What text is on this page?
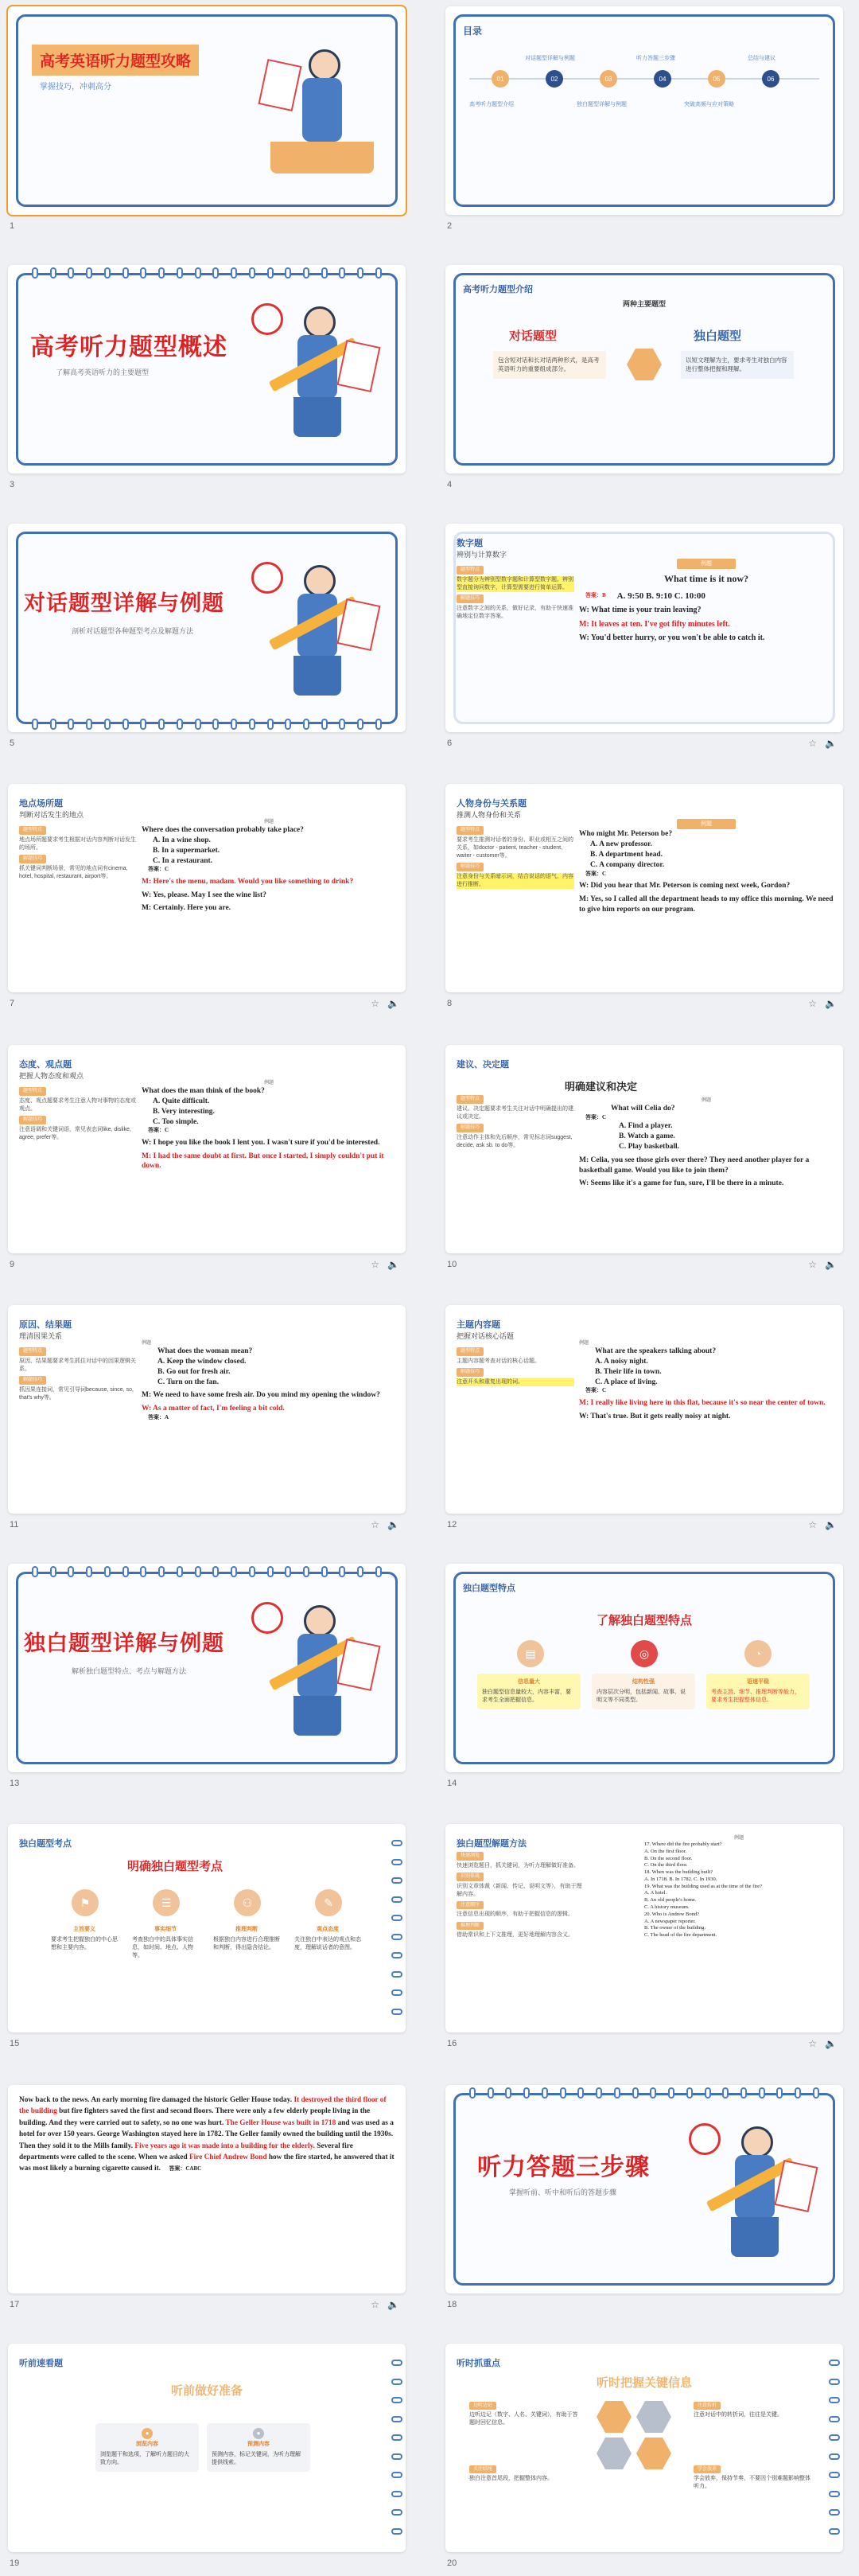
高考英语听力题型攻略
掌握技巧，冲刺高分
1
目录
01	02	03	04	05	06
高考听力题型介绍
对话题型详解与例题
独白题型详解与例题
听力答题三步骤
突破高频与应对策略
总结与建议
2
高考听力题型概述
了解高考英语听力的主要题型
3
高考听力题型介绍
两种主要题型
对话题型
包含短对话和长对话两种形式，是高考英语听力的重要组成部分。
独白题型
以短文理解为主，要求考生对独白内容进行整体把握和理解。
4
对话题型详解与例题
剖析对话题型各种题型考点及解题方法
5
数字题
辨别与计算数字
题型特点
数字题分为辨别型数字题和计算型数字题。辨别型直接询问数字，计算型需要进行简单运算。
解题技巧
注意数字之间的关系，做好记录，有助于快速准确地定位数字答案。
例题
What time is it now?
答案：B	A. 9:50 B. 9:10 C. 10:00
W: What time is your train leaving?
M: It leaves at ten. I've got fifty minutes left.
W: You'd better hurry, or you won't be able to catch it.
6	☆ 🔈
地点场所题
判断对话发生的地点
题型特点
地点场所题要求考生根据对话内容判断对话发生的场所。
解题技巧
抓关键词判断场景，常见的地点词有cinema, hotel, hospital, restaurant, airport等。
例题
Where does the conversation probably take place?
A. In a wine shop.
B. In a supermarket.
C. In a restaurant.
答案：C
M: Here's the menu, madam. Would you like something to drink?
W: Yes, please. May I see the wine list?
M: Certainly. Here you are.
7	☆ 🔈
人物身份与关系题
推测人物身份和关系
题型特点
要求考生推测对话者的身份、职业或相互之间的关系，如doctor - patient, teacher - student, waiter - customer等。
解题技巧
注意身份与关系暗示词，结合说话的语气、内容进行推断。
例题
Who might Mr. Peterson be?
A. A new professor.
B. A department head.
C. A company director.
答案：C
W: Did you hear that Mr. Peterson is coming next week, Gordon?
M: Yes, so I called all the department heads to my office this morning. We need to give him reports on our program.
8	☆ 🔈
态度、观点题
把握人物态度和观点
题型特点
态度、观点题要求考生注意人物对事物的态度或观点。
解题技巧
注意语调和关键词语，常见表态词like, dislike, agree, prefer等。
例题
What does the man think of the book?
A. Quite difficult.
B. Very interesting.
C. Too simple.
答案：C
W: I hope you like the book I lent you. I wasn't sure if you'd be interested.
M: I had the same doubt at first. But once I started, I simply couldn't put it down.
9	☆ 🔈
建议、决定题
明确建议和决定
题型特点
建议、决定题要求考生关注对话中明确提出的建议或决定。
解题技巧
注意动作主体和先后顺序，常见标志词suggest, decide, ask sb. to do等。
例题
What will Celia do?
答案：C
A. Find a player.
B. Watch a game.
C. Play basketball.
M: Celia, you see those girls over there? They need another player for a basketball game. Would you like to join them?
W: Seems like it's a game for fun, sure, I'll be there in a minute.
10	☆ 🔈
原因、结果题
理清因果关系
题型特点
原因、结果题要求考生抓住对话中的因果逻辑关系。
解题技巧
抓因果连接词，常见引导词because, since, so, that's why等。
例题
What does the woman mean?
A. Keep the window closed.
B. Go out for fresh air.
C. Turn on the fan.
M: We need to have some fresh air. Do you mind my opening the window?
W: As a matter of fact, I'm feeling a bit cold.
答案：A
11	☆ 🔈
主题内容题
把握对话核心话题
题型特点
主题内容题考查对话的核心话题。
解题技巧
注意开头和重复出现的词。
例题
What are the speakers talking about?
A. A noisy night.
B. Their life in town.
C. A place of living.
答案：C
M: I really like living here in this flat, because it's so near the center of town.
W: That's true. But it gets really noisy at night.
12	☆ 🔈
独白题型详解与例题
解析独白题型特点、考点与解题方法
13
独白题型特点
了解独白题型特点
▤	◎	◔
信息量大
独白题型信息量较大，内容丰富，要求考生全面把握信息。
结构性强
内容层次分明，包括新闻、故事、说明文等不同类型。
语速平稳
考查主旨、细节、推理判断等能力，要求考生把握整体信息。
14
独白题型考点
明确独白题型考点
⚑	☰	⚇	✎
主旨要义
要求考生把握独白的中心思想和主要内容。
事实细节
考查独白中的具体事实信息，如时间、地点、人物等。
推理判断
根据独白内容进行合理推断和判断，得出隐含结论。
观点态度
关注独白中表达的观点和态度，理解说话者的意图。
15
独白题型解题方法
快速浏览
快速浏览题目，抓关键词，为听力理解做好准备。
识别体裁
识别文章体裁（新闻、传记、说明文等），有助于理解内容。
注意顺序
注意信息出现的顺序，有助于把握信息的逻辑。
推理判断
借助常识和上下文推理，更好地理解内容含义。
例题
17. Where did the fire probably start?
A. On the first floor.
B. On the second floor.
C. On the third floor.
18. When was the building built?
A. In 1718. B. In 1782. C. In 1930.
19. What was the building used as at the time of the fire?
A. A hotel.
B. An old people's home.
C. A history museum.
20. Who is Andrew Bond?
A. A newspaper reporter.
B. The owner of the building.
C. The head of the fire department.
16	☆ 🔈
Now back to the news. An early morning fire damaged the historic Geller House today. It destroyed the third floor of the building but fire fighters saved the first and second floors. There were only a few elderly people living in the building. And they were carried out to safety, so no one was hurt. The Geller House was built in 1718 and was used as a hotel for over 150 years. George Washington stayed here in 1782. The Geller family owned the building until the 1930s. Then they sold it to the Mills family. Five years ago it was made into a building for the elderly. Several fire departments were called to the scene. When we asked Fire Chief Andrew Bond how the fire started, he answered that it was most likely a burning cigarette caused it. 答案：CABC
17	☆ 🔈
听力答题三步骤
掌握听前、听中和听后的答题步骤
18
听前速看题
听前做好准备
●
浏览内容
浏览题干和选项，了解听力题目的大致方向。
●
预测内容
预测内容，标记关键词，为听力理解提供线索。
19
听时抓重点
听时把握关键信息
边听边记
边听边记（数字、人名、关键词），有助于答题时回忆信息。
注意转折
注意对话中的转折词，往往是关键。
关注结尾
独白注意首尾段，把握整体内容。
学会放弃
学会放弃，保持节奏，不要因个别难题影响整体听力。
20
